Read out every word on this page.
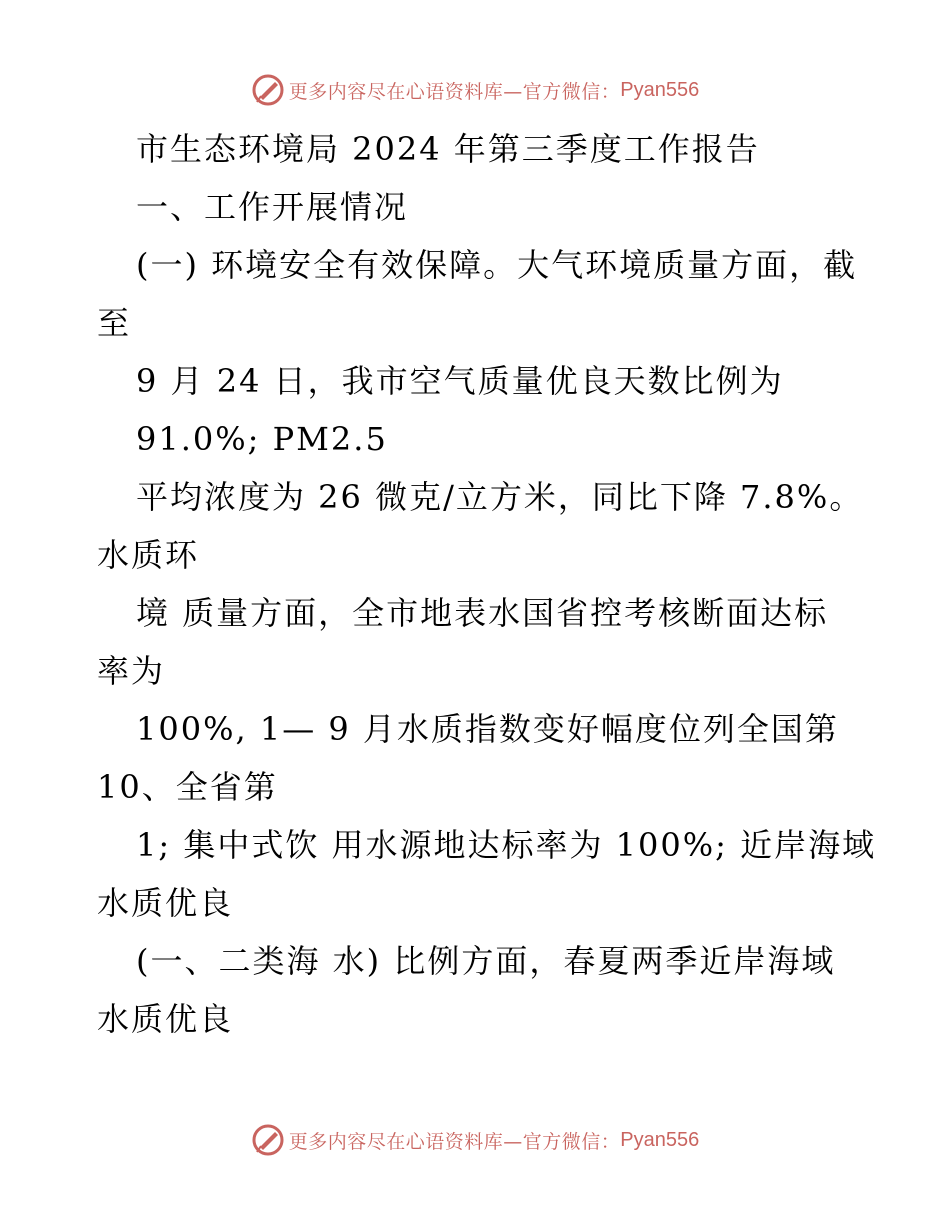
更多内容尽在心语资料库—官方微信： Pyan556
市生态环境局 2024 年第三季度工作报告
一、工作开展情况
(一) 环境安全有效保障。大气环境质量方面，截
至
9 月 24 日，我市空气质量优良天数比例为
91.0%; PM2.5
平均浓度为 26 微克/立方米，同比下降 7.8%。
水质环
境 质量方面，全市地表水国省控考核断面达标
率为
100%, 1— 9 月水质指数变好幅度位列全国第
10、全省第
1; 集中式饮 用水源地达标率为 100%; 近岸海域
水质优良
(一、二类海 水) 比例方面，春夏两季近岸海域
水质优良
更多内容尽在心语资料库—官方微信： Pyan556
